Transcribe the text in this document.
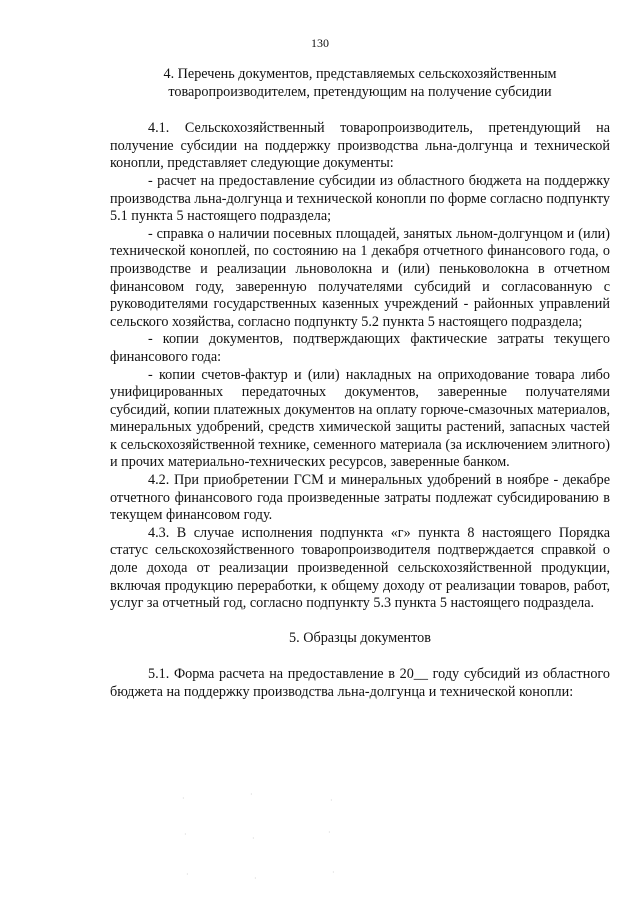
130
4. Перечень документов, представляемых сельскохозяйственным
товаропроизводителем, претендующим на получение субсидии

4.1. Сельскохозяйственный товаропроизводитель, претендующий на получение субсидии на поддержку производства льна-долгунца и технической конопли, представляет следующие документы:

- расчет на предоставление субсидии из областного бюджета на поддержку производства льна-долгунца и технической конопли по форме согласно подпункту 5.1 пункта 5 настоящего подраздела;

- справка о наличии посевных площадей, занятых льном-долгунцом и (или) технической коноплей, по состоянию на 1 декабря отчетного финансового года, о производстве и реализации льноволокна и (или) пеньковолокна в отчетном финансовом году, заверенную получателями субсидий и согласованную с руководителями государственных казенных учреждений - районных управлений сельского хозяйства, согласно подпункту 5.2 пункта 5 настоящего подраздела;

- копии документов, подтверждающих фактические затраты текущего финансового года:

- копии счетов-фактур и (или) накладных на оприходование товара либо унифицированных передаточных документов, заверенные получателями субсидий, копии платежных документов на оплату горюче-смазочных материалов, минеральных удобрений, средств химической защиты растений, запасных частей к сельскохозяйственной технике, семенного материала (за исключением элитного) и прочих материально-технических ресурсов, заверенные банком.

4.2. При приобретении ГСМ и минеральных удобрений в ноябре - декабре отчетного финансового года произведенные затраты подлежат субсидированию в текущем финансовом году.

4.3. В случае исполнения подпункта «г» пункта 8 настоящего Порядка статус сельскохозяйственного товаропроизводителя подтверждается справкой о доле дохода от реализации произведенной сельскохозяйственной продукции, включая продукцию переработки, к общему доходу от реализации товаров, работ, услуг за отчетный год, согласно подпункту 5.3 пункта 5 настоящего подраздела.

5. Образцы документов

5.1. Форма расчета на предоставление в 20__ году субсидий из областного бюджета на поддержку производства льна-долгунца и технической конопли:

·	·
·
·	·
·
·	·
·
